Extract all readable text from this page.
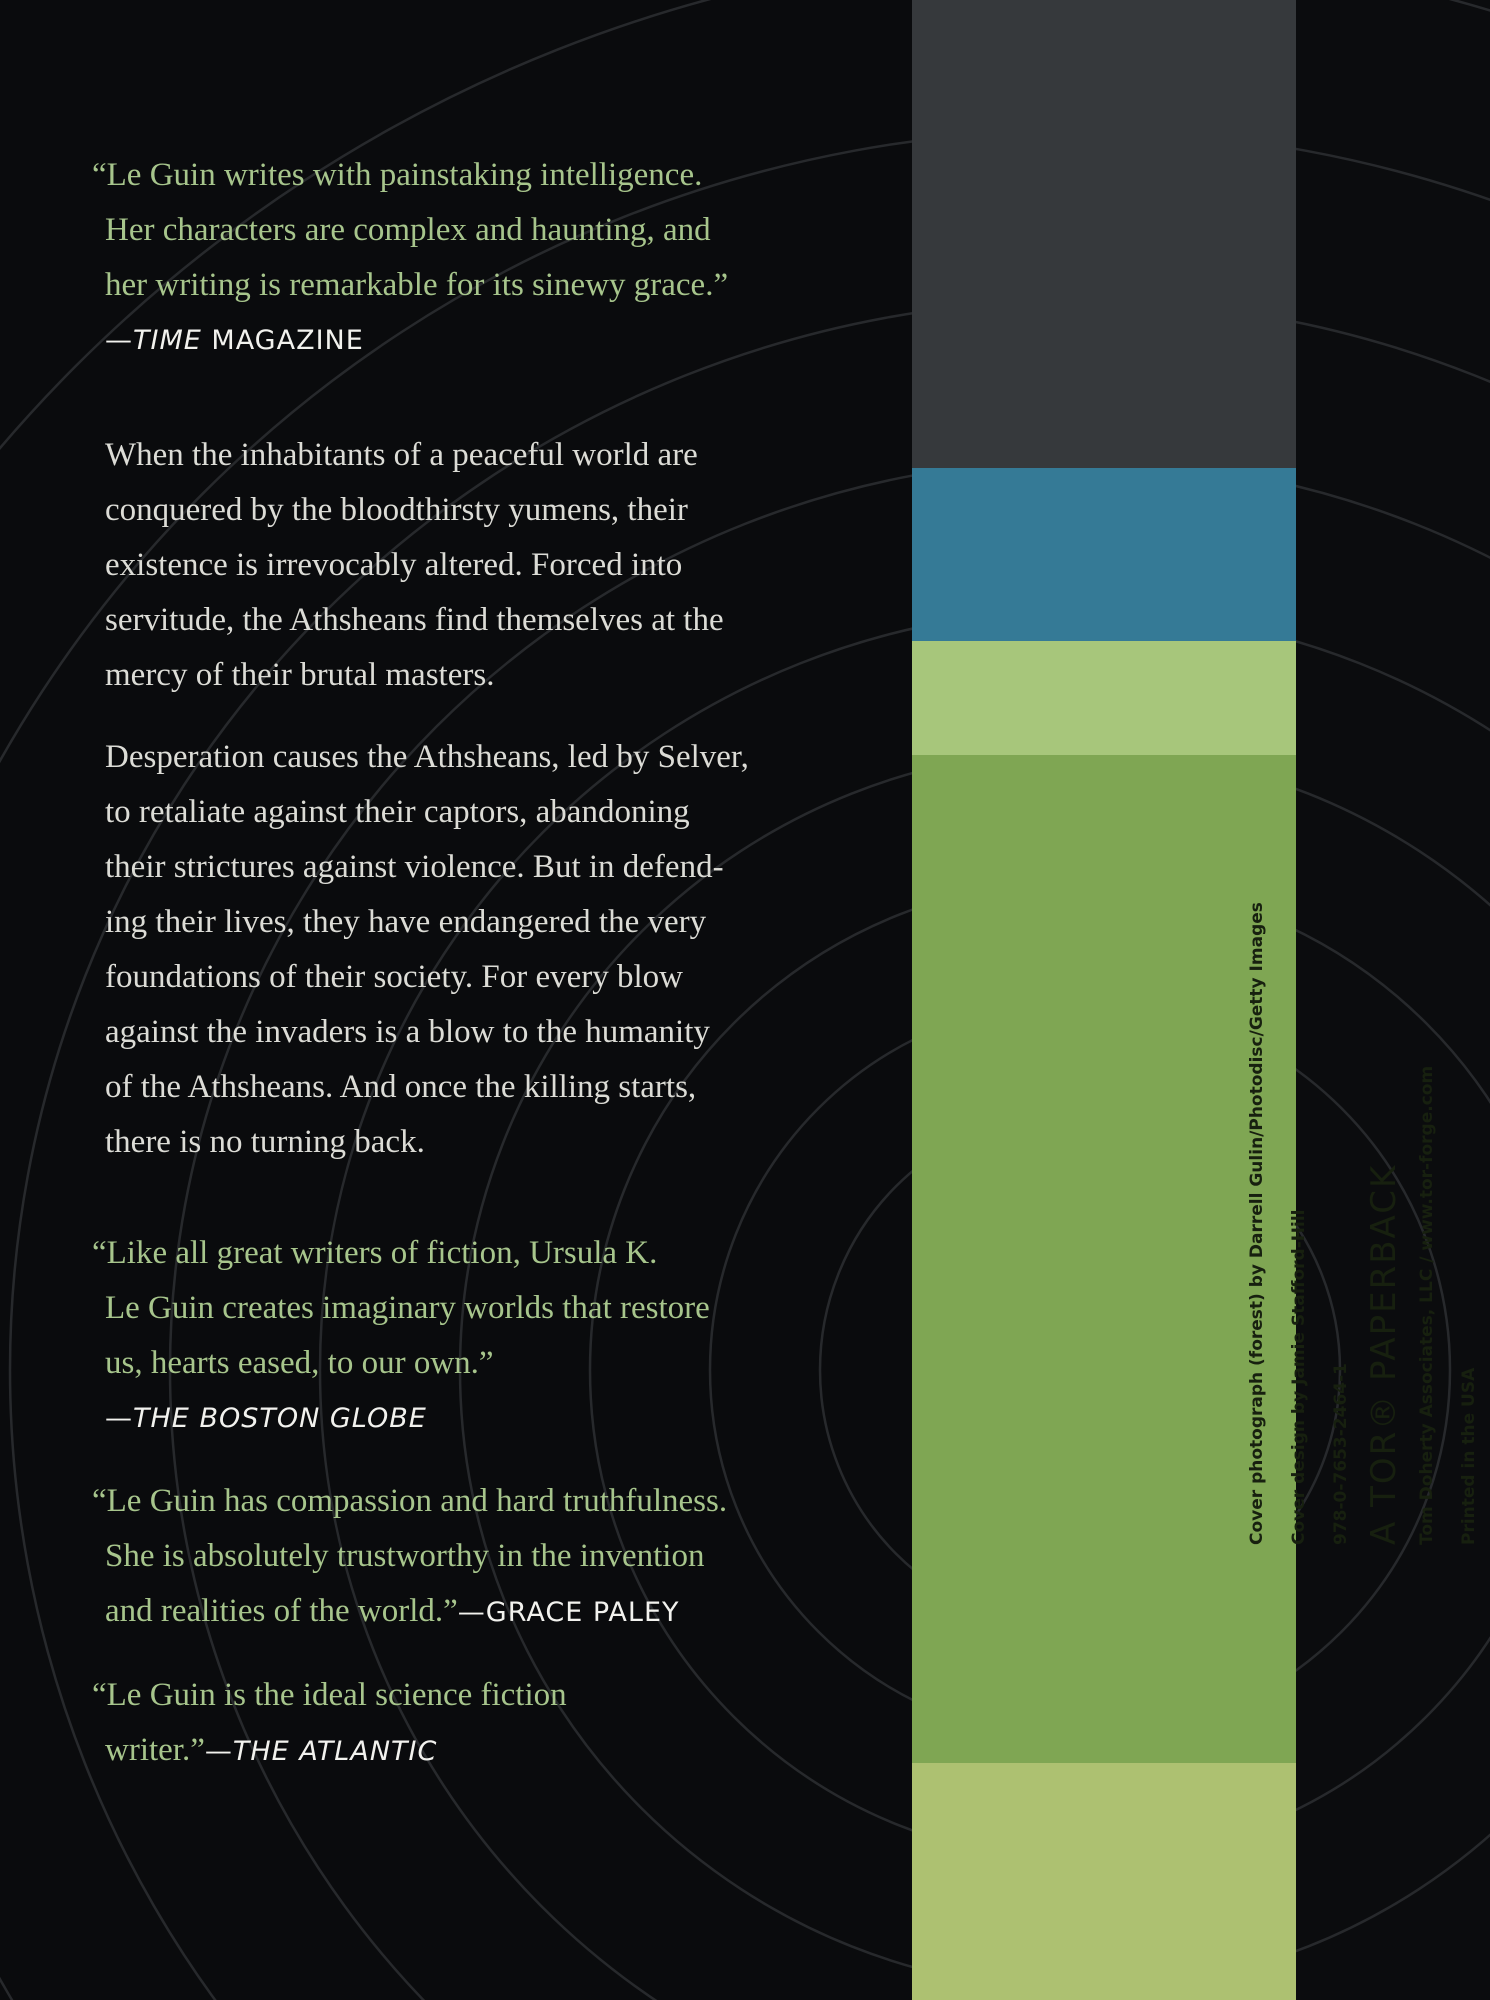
“Le Guin writes with painstaking intelligence.
Her characters are complex and haunting, and
her writing is remarkable for its sinewy grace.”
—TIME MAGAZINE
When the inhabitants of a peaceful world are
conquered by the bloodthirsty yumens, their
existence is irrevocably altered. Forced into
servitude, the Athsheans find themselves at the
mercy of their brutal masters.
Desperation causes the Athsheans, led by Selver,
to retaliate against their captors, abandoning
their strictures against violence. But in defend-
ing their lives, they have endangered the very
foundations of their society. For every blow
against the invaders is a blow to the humanity
of the Athsheans. And once the killing starts,
there is no turning back.
“Like all great writers of fiction, Ursula K.
Le Guin creates imaginary worlds that restore
us, hearts eased, to our own.”
—THE BOSTON GLOBE
“Le Guin has compassion and hard truthfulness.
She is absolutely trustworthy in the invention
and realities of the world.”—GRACE PALEY
“Le Guin is the ideal science fiction
writer.”—THE ATLANTIC
Cover photograph (forest) by Darrell Gulin/Photodisc/Getty Images	Cover design by Jamie Stafford-Hill	978-0-7653-2464-1 A TOR® PAPERBACK Tom Doherty Associates, LLC / www.tor-forge.com	Printed in the USA
